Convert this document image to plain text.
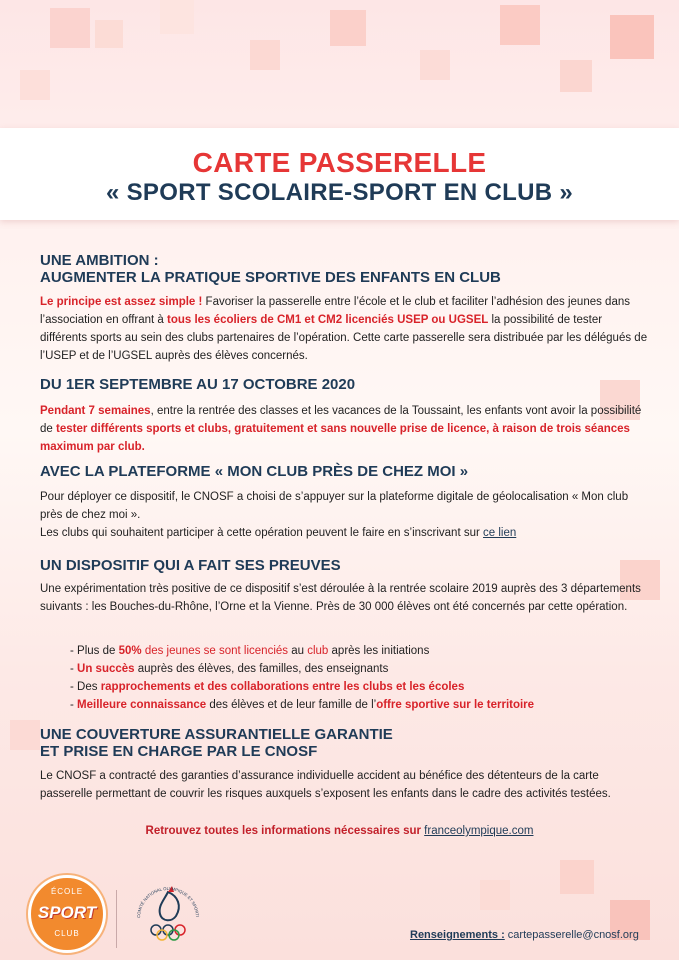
CARTE PASSERELLE
« SPORT SCOLAIRE-SPORT EN CLUB »
UNE AMBITION :
AUGMENTER LA PRATIQUE SPORTIVE DES ENFANTS EN CLUB

Le principe est assez simple ! Favoriser la passerelle entre l’école et le club et faciliter l’adhésion des jeunes dans l’association en offrant à tous les écoliers de CM1 et CM2 licenciés USEP ou UGSEL la possibilité de tester différents sports au sein des clubs partenaires de l’opération. Cette carte passerelle sera distribuée par les délégués de l’USEP et de l’UGSEL auprès des élèves concernés.

DU 1ER SEPTEMBRE AU 17 OCTOBRE 2020

Pendant 7 semaines, entre la rentrée des classes et les vacances de la Toussaint, les enfants vont avoir la possibilité de tester différents sports et clubs, gratuitement et sans nouvelle prise de licence, à raison de trois séances maximum par club.

AVEC LA PLATEFORME « MON CLUB PRÈS DE CHEZ MOI »

Pour déployer ce dispositif, le CNOSF a choisi de s’appuyer sur la plateforme digitale de géolocalisation « Mon club près de chez moi ».
Les clubs qui souhaitent participer à cette opération peuvent le faire en s’inscrivant sur ce lien

UN DISPOSITIF QUI A FAIT SES PREUVES

Une expérimentation très positive de ce dispositif s’est déroulée à la rentrée scolaire 2019 auprès des 3 départements suivants : les Bouches-du-Rhône, l’Orne et la Vienne. Près de 30 000 élèves ont été concernés par cette opération.

- Plus de 50% des jeunes se sont licenciés au club après les initiations
- Un succès auprès des élèves, des familles, des enseignants
- Des rapprochements et des collaborations entre les clubs et les écoles
- Meilleure connaissance des élèves et de leur famille de l’offre sportive sur le territoire
UNE COUVERTURE ASSURANTIELLE GARANTIE
ET PRISE EN CHARGE PAR LE CNOSF

Le CNOSF a contracté des garanties d’assurance individuelle accident au bénéfice des détenteurs de la carte passerelle permettant de couvrir les risques auxquels s’exposent les enfants dans le cadre des activités testées.

Retrouvez toutes les informations nécessaires sur franceolympique.com
ÉCOLE
SPORT
CLUB
COMITÉ NATIONAL OLYMPIQUE ET SPORTI
Renseignements : cartepasserelle@cnosf.org
